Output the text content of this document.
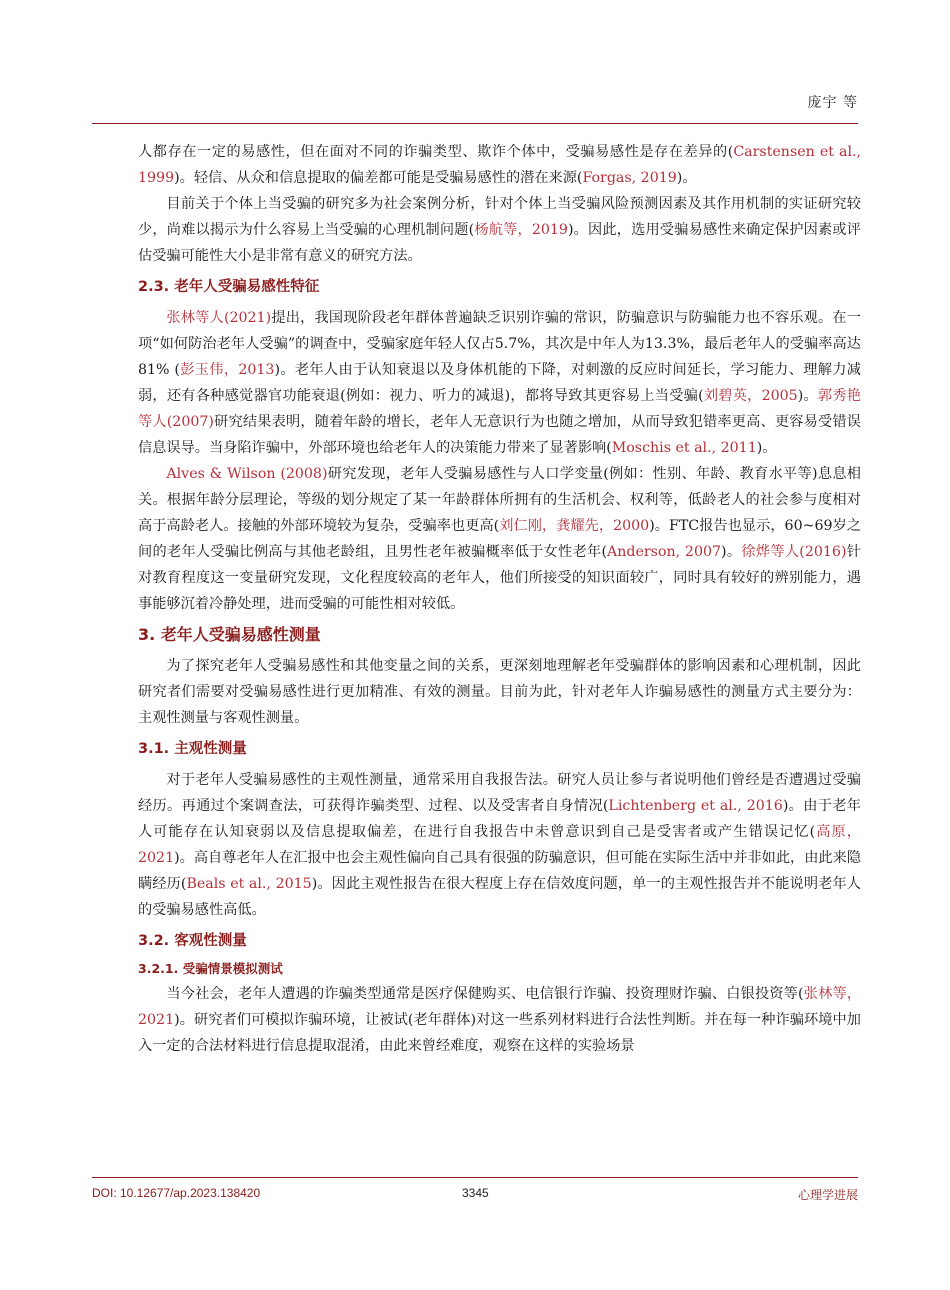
庞宇 等

人都存在一定的易感性，但在面对不同的诈骗类型、欺诈个体中，受骗易感性是存在差异的(Carstensen et al., 1999)。轻信、从众和信息提取的偏差都可能是受骗易感性的潜在来源(Forgas, 2019)。

目前关于个体上当受骗的研究多为社会案例分析，针对个体上当受骗风险预测因素及其作用机制的实证研究较少，尚难以揭示为什么容易上当受骗的心理机制问题(杨航等，2019)。因此，选用受骗易感性来确定保护因素或评估受骗可能性大小是非常有意义的研究方法。

2.3. 老年人受骗易感性特征

张林等人(2021)提出，我国现阶段老年群体普遍缺乏识别诈骗的常识，防骗意识与防骗能力也不容乐观。在一项“如何防治老年人受骗”的调查中，受骗家庭年轻人仅占5.7%，其次是中年人为13.3%，最后老年人的受骗率高达81% (彭玉伟，2013)。老年人由于认知衰退以及身体机能的下降，对刺激的反应时间延长，学习能力、理解力减弱，还有各种感觉器官功能衰退(例如：视力、听力的减退)，都将导致其更容易上当受骗(刘碧英，2005)。郭秀艳等人(2007)研究结果表明，随着年龄的增长，老年人无意识行为也随之增加，从而导致犯错率更高、更容易受错误信息误导。当身陷诈骗中，外部环境也给老年人的决策能力带来了显著影响(Moschis et al., 2011)。

Alves & Wilson (2008)研究发现，老年人受骗易感性与人口学变量(例如：性别、年龄、教育水平等)息息相关。根据年龄分层理论，等级的划分规定了某一年龄群体所拥有的生活机会、权利等，低龄老人的社会参与度相对高于高龄老人。接触的外部环境较为复杂，受骗率也更高(刘仁刚，龚耀先，2000)。FTC报告也显示，60~69岁之间的老年人受骗比例高与其他老龄组，且男性老年被骗概率低于女性老年(Anderson, 2007)。徐烨等人(2016)针对教育程度这一变量研究发现，文化程度较高的老年人，他们所接受的知识面较广，同时具有较好的辨别能力，遇事能够沉着冷静处理，进而受骗的可能性相对较低。

3. 老年人受骗易感性测量

为了探究老年人受骗易感性和其他变量之间的关系，更深刻地理解老年受骗群体的影响因素和心理机制，因此研究者们需要对受骗易感性进行更加精准、有效的测量。目前为此，针对老年人诈骗易感性的测量方式主要分为：主观性测量与客观性测量。

3.1. 主观性测量

对于老年人受骗易感性的主观性测量，通常采用自我报告法。研究人员让参与者说明他们曾经是否遭遇过受骗经历。再通过个案调查法，可获得诈骗类型、过程、以及受害者自身情况(Lichtenberg et al., 2016)。由于老年人可能存在认知衰弱以及信息提取偏差，在进行自我报告中未曾意识到自己是受害者或产生错误记忆(高原，2021)。高自尊老年人在汇报中也会主观性偏向自己具有很强的防骗意识，但可能在实际生活中并非如此，由此来隐瞒经历(Beals et al., 2015)。因此主观性报告在很大程度上存在信效度问题，单一的主观性报告并不能说明老年人的受骗易感性高低。

3.2. 客观性测量
3.2.1. 受骗情景模拟测试

当今社会，老年人遭遇的诈骗类型通常是医疗保健购买、电信银行诈骗、投资理财诈骗、白银投资等(张林等，2021)。研究者们可模拟诈骗环境，让被试(老年群体)对这一些系列材料进行合法性判断。并在每一种诈骗环境中加入一定的合法材料进行信息提取混淆，由此来曾经难度，观察在这样的实验场景

DOI: 10.12677/ap.2023.138420	3345	心理学进展
